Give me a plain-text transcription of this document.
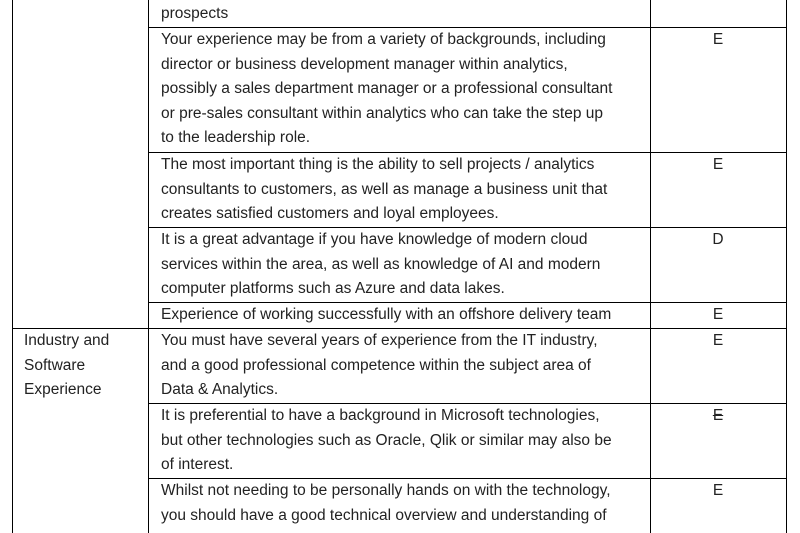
prospects
Your experience may be from a variety of backgrounds, including
director or business development manager within analytics,
possibly a sales department manager or a professional consultant
or pre-sales consultant within analytics who can take the step up
to the leadership role.
E
The most important thing is the ability to sell projects / analytics
consultants to customers, as well as manage a business unit that
creates satisfied customers and loyal employees.
E
It is a great advantage if you have knowledge of modern cloud
services within the area, as well as knowledge of AI and modern
computer platforms such as Azure and data lakes.
D
Experience of working successfully with an offshore delivery team	E
Industry and
Software
Experience
You must have several years of experience from the IT industry,
and a good professional competence within the subject area of
Data & Analytics.
E
It is preferential to have a background in Microsoft technologies,
but other technologies such as Oracle, Qlik or similar may also be
of interest.
E
Whilst not needing to be personally hands on with the technology,
you should have a good technical overview and understanding of
E
